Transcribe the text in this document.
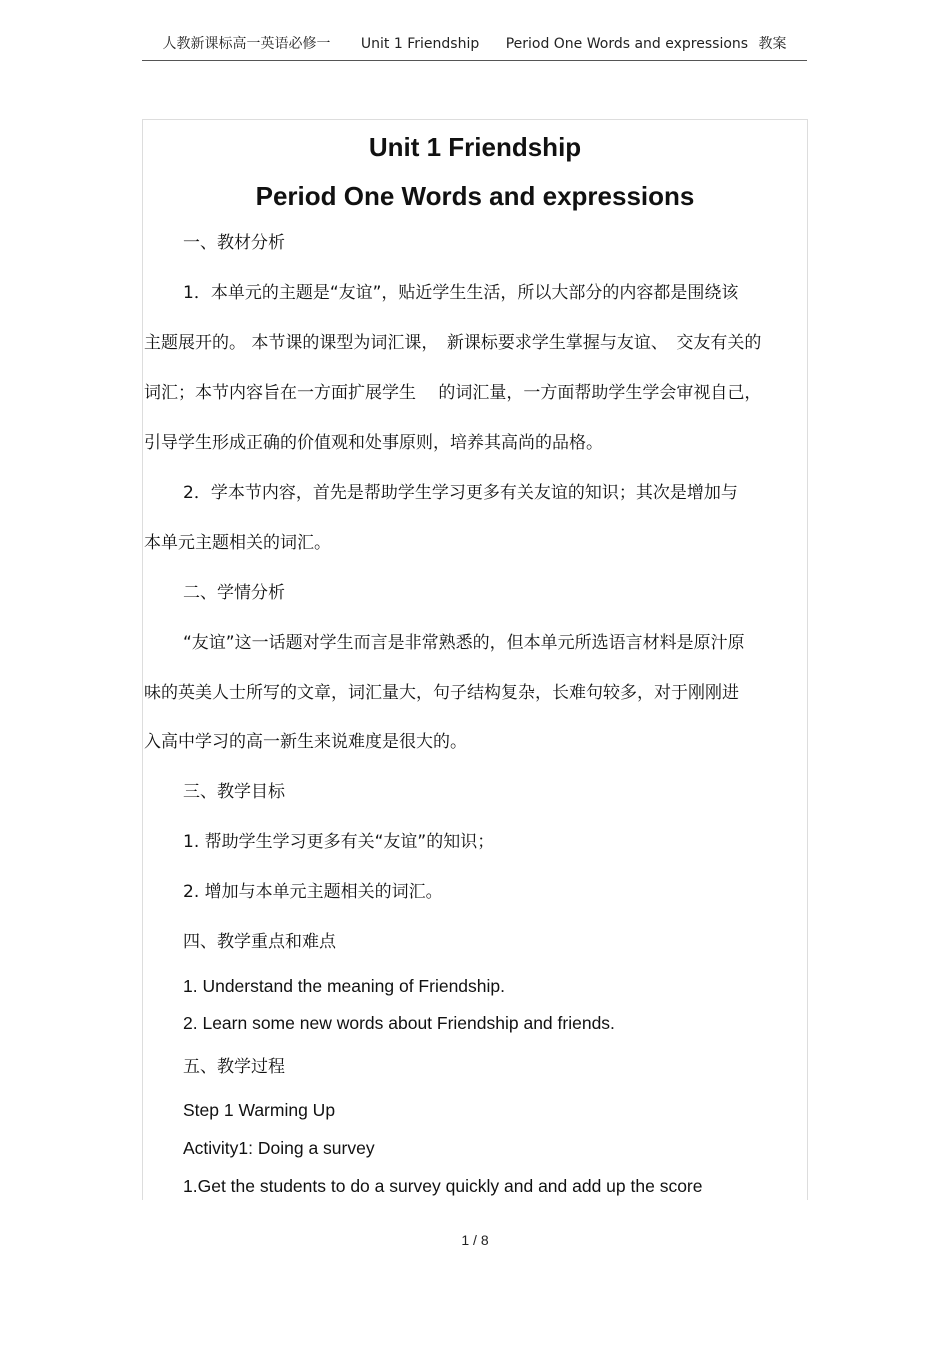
人教新课标高一英语必修一 Unit 1 Friendship Period One Words and expressions 教案
Unit 1 Friendship
Period One Words and expressions
一、教材分析
1．本单元的主题是“友谊”，贴近学生生活，所以大部分的内容都是围绕该
主题展开的。 本节课的课型为词汇课，　新课标要求学生掌握与友谊、　交友有关的
词汇；本节内容旨在一方面扩展学生　 的词汇量，一方面帮助学生学会审视自己，
引导学生形成正确的价值观和处事原则，培养其高尚的品格。
2．学本节内容，首先是帮助学生学习更多有关友谊的知识；其次是增加与
本单元主题相关的词汇。
二、学情分析
“友谊”这一话题对学生而言是非常熟悉的，但本单元所选语言材料是原汁原
味的英美人士所写的文章，词汇量大，句子结构复杂，长难句较多，对于刚刚进
入高中学习的高一新生来说难度是很大的。
三、教学目标
1. 帮助学生学习更多有关“友谊”的知识；
2. 增加与本单元主题相关的词汇。
四、教学重点和难点
1. Understand the meaning of Friendship.
2. Learn some new words about Friendship and friends.
五、教学过程
Step 1 Warming Up
Activity1: Doing a survey
1.Get the students to do a survey quickly and and add up the score
1 / 8
